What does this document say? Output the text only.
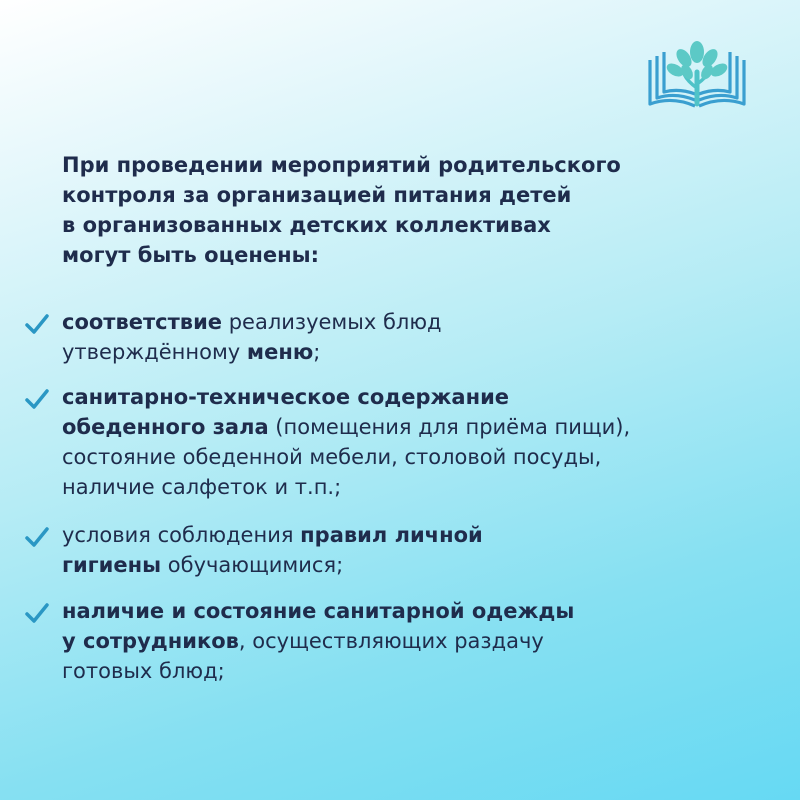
При проведении мероприятий родительского
контроля за организацией питания детей
в организованных детских коллективах
могут быть оценены:
соответствие реализуемых блюд
утверждённому меню;
санитарно-техническое содержание
обеденного зала (помещения для приёма пищи),
состояние обеденной мебели, столовой посуды,
наличие салфеток и т.п.;
условия соблюдения правил личной
гигиены обучающимися;
наличие и состояние санитарной одежды
у сотрудников, осуществляющих раздачу
готовых блюд;
